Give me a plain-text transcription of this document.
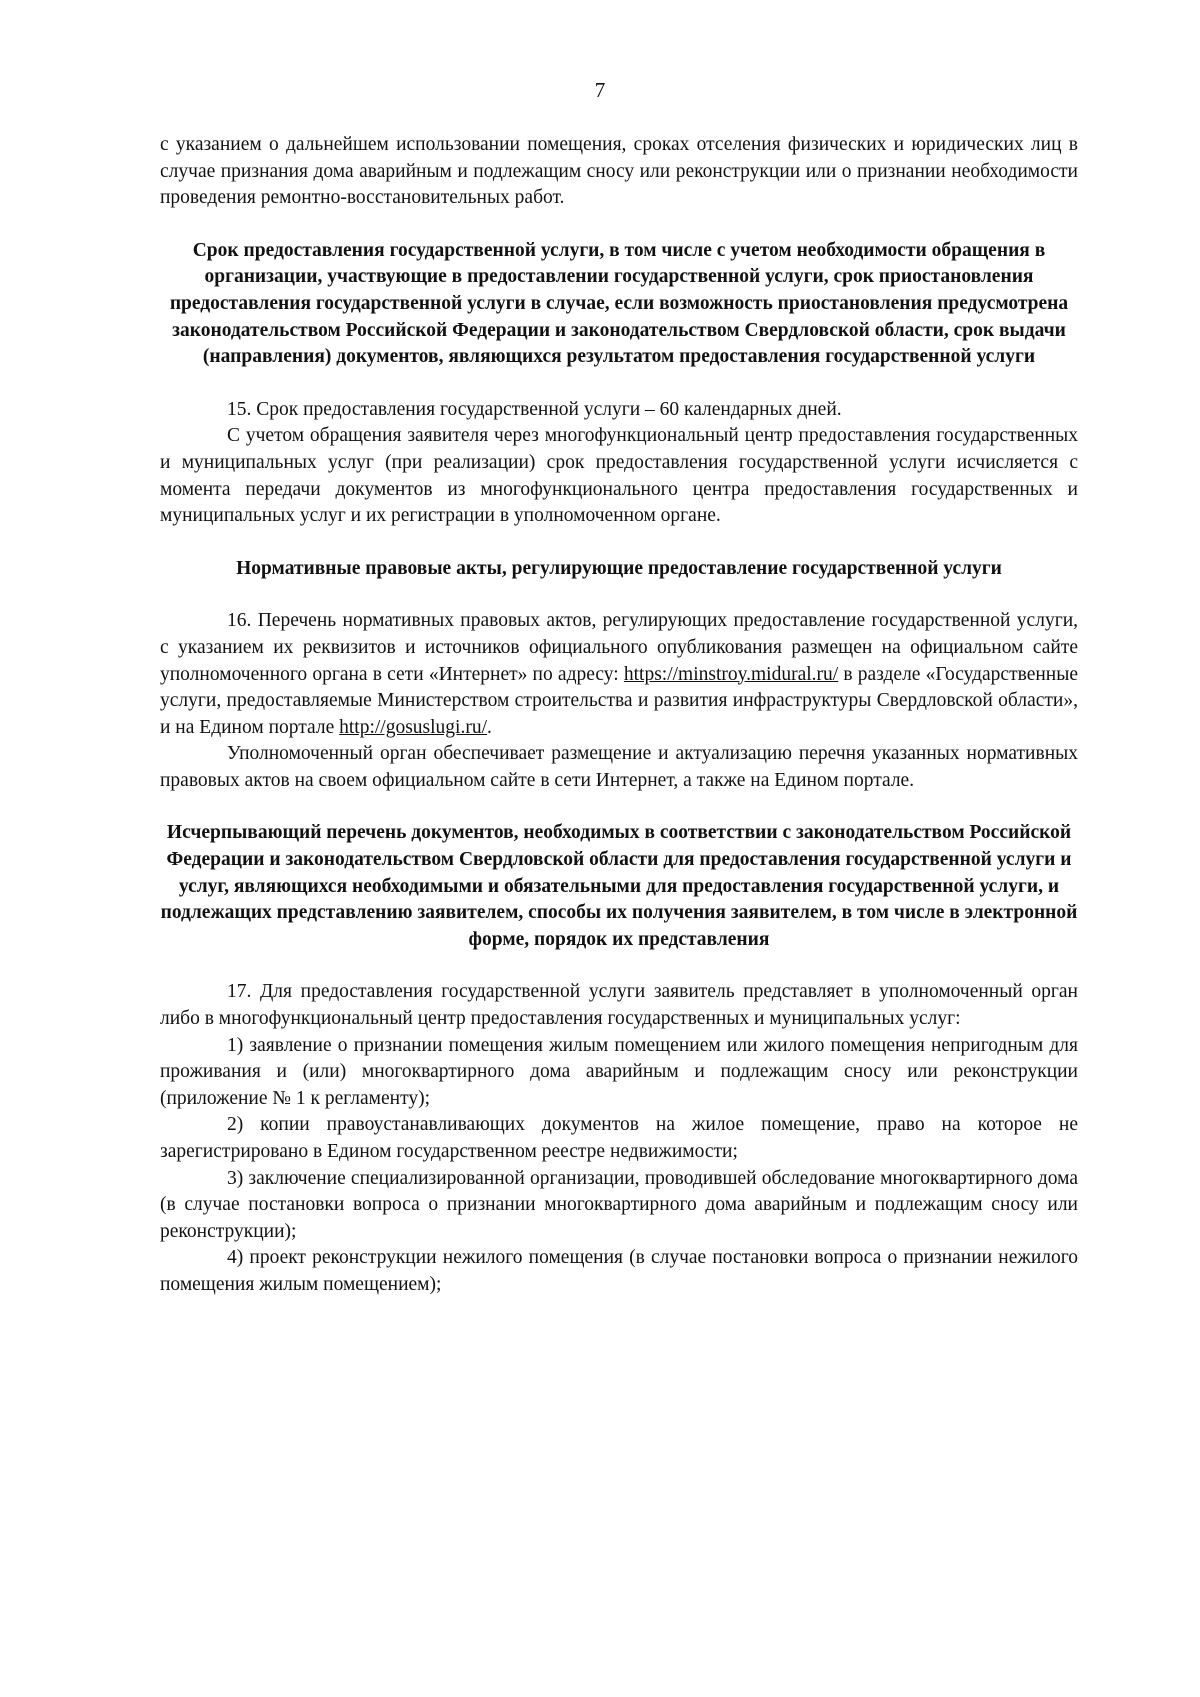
7

с указанием о дальнейшем использовании помещения, сроках отселения физических и юридических лиц в случае признания дома аварийным и подлежащим сносу или реконструкции или о признании необходимости проведения ремонтно-восстановительных работ.

Срок предоставления государственной услуги, в том числе с учетом необходимости обращения в организации, участвующие в предоставлении государственной услуги, срок приостановления предоставления государственной услуги в случае, если возможность приостановления предусмотрена законодательством Российской Федерации и законодательством Свердловской области, срок выдачи (направления) документов, являющихся результатом предоставления государственной услуги

15. Срок предоставления государственной услуги – 60 календарных дней.

С учетом обращения заявителя через многофункциональный центр предоставления государственных и муниципальных услуг (при реализации) срок предоставления государственной услуги исчисляется с момента передачи документов из многофункционального центра предоставления государственных и муниципальных услуг и их регистрации в уполномоченном органе.

Нормативные правовые акты, регулирующие предоставление государственной услуги

16. Перечень нормативных правовых актов, регулирующих предоставление государственной услуги, с указанием их реквизитов и источников официального опубликования размещен на официальном сайте уполномоченного органа в сети «Интернет» по адресу: https://minstroy.midural.ru/ в разделе «Государственные услуги, предоставляемые Министерством строительства и развития инфраструктуры Свердловской области», и на Едином портале http://gosuslugi.ru/.

Уполномоченный орган обеспечивает размещение и актуализацию перечня указанных нормативных правовых актов на своем официальном сайте в сети Интернет, а также на Едином портале.

Исчерпывающий перечень документов, необходимых в соответствии с законодательством Российской Федерации и законодательством Свердловской области для предоставления государственной услуги и услуг, являющихся необходимыми и обязательными для предоставления государственной услуги, и подлежащих представлению заявителем, способы их получения заявителем, в том числе в электронной форме, порядок их представления

17. Для предоставления государственной услуги заявитель представляет в уполномоченный орган либо в многофункциональный центр предоставления государственных и муниципальных услуг:

1) заявление о признании помещения жилым помещением или жилого помещения непригодным для проживания и (или) многоквартирного дома аварийным и подлежащим сносу или реконструкции (приложение № 1 к регламенту);

2) копии правоустанавливающих документов на жилое помещение, право на которое не зарегистрировано в Едином государственном реестре недвижимости;

3) заключение специализированной организации, проводившей обследование многоквартирного дома (в случае постановки вопроса о признании многоквартирного дома аварийным и подлежащим сносу или реконструкции);

4) проект реконструкции нежилого помещения (в случае постановки вопроса о признании нежилого помещения жилым помещением);
